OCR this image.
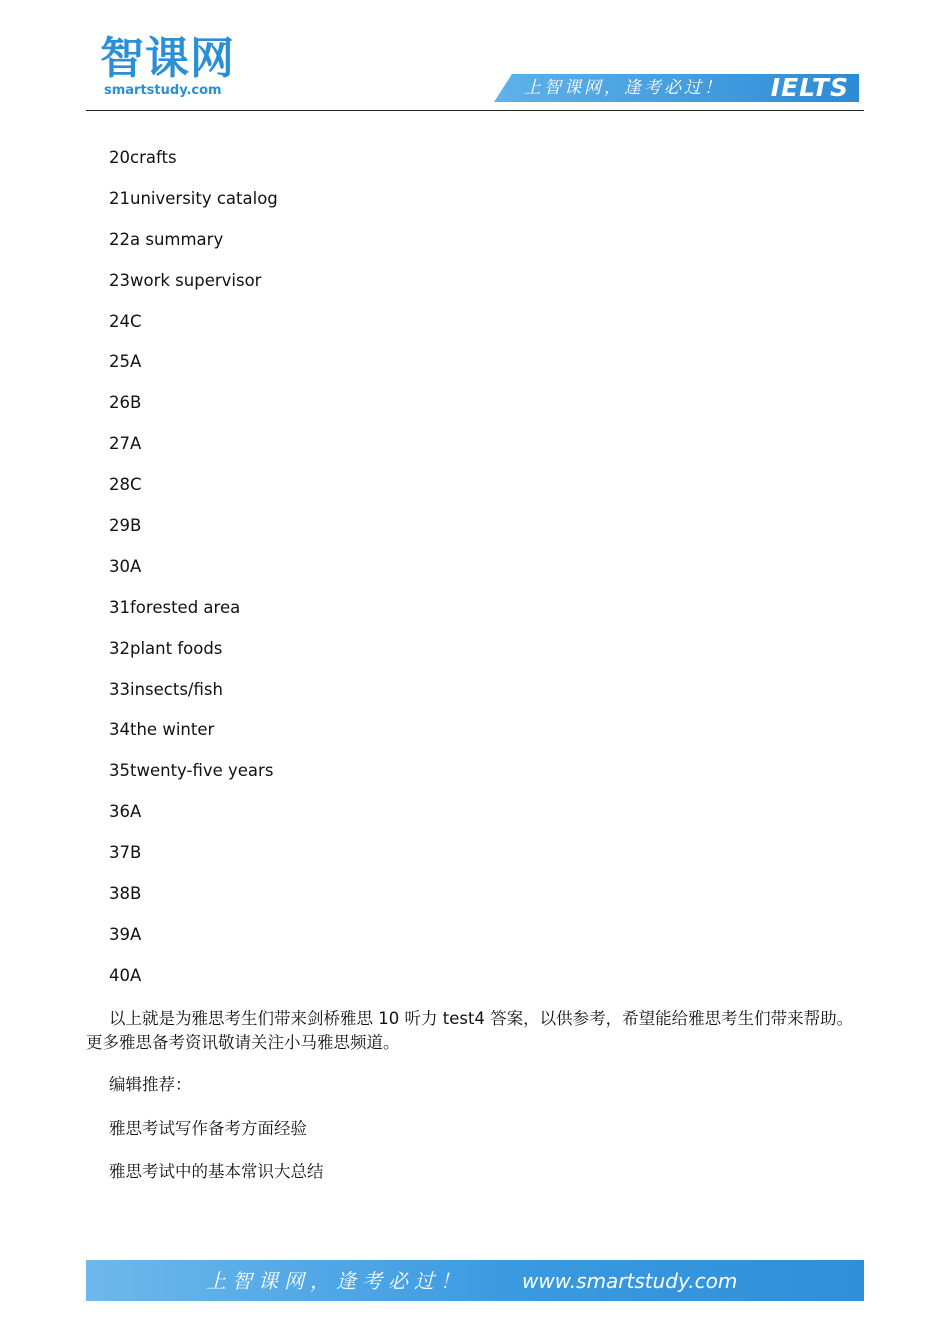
智课网
smartstudy.com	上智课网，逢考必过！ IELTS
20crafts
21university catalog
22a summary
23work supervisor
24C
25A
26B
27A
28C
29B
30A
31forested area
32plant foods
33insects/fish
34the winter
35twenty-five years
36A
37B
38B
39A
40A

以上就是为雅思考生们带来剑桥雅思 10 听力 test4 答案，以供参考，希望能给雅思考生们带来帮助。更多雅思备考资讯敬请关注小马雅思频道。

编辑推荐：

雅思考试写作备考方面经验
雅思考试中的基本常识大总结
上智课网，逢考必过！	www.smartstudy.com
